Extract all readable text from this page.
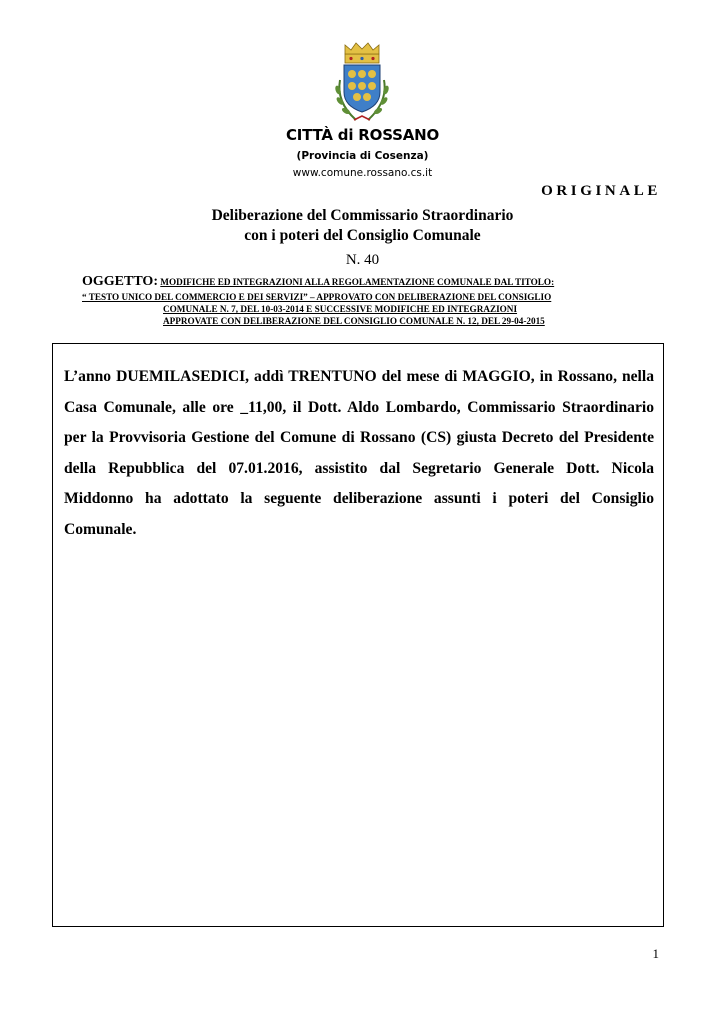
CITTÀ di ROSSANO
(Provincia di Cosenza)
www.comune.rossano.cs.it
ORIGINALE
Deliberazione del Commissario Straordinario
con i poteri del Consiglio Comunale
N. 40
OGGETTO: MODIFICHE ED INTEGRAZIONI ALLA REGOLAMENTAZIONE COMUNALE DAL TITOLO:
“ TESTO UNICO DEL COMMERCIO E DEI SERVIZI” – APPROVATO CON DELIBERAZIONE DEL CONSIGLIO
COMUNALE N. 7, DEL 10-03-2014 E SUCCESSIVE MODIFICHE ED INTEGRAZIONI
APPROVATE CON DELIBERAZIONE DEL CONSIGLIO COMUNALE N. 12, DEL 29-04-2015
L’anno DUEMILASEDICI, addì TRENTUNO del mese di MAGGIO, in Rossano, nella Casa Comunale, alle ore _11,00, il Dott. Aldo Lombardo, Commissario Straordinario per la Provvisoria Gestione del Comune di Rossano (CS) giusta Decreto del Presidente della Repubblica del 07.01.2016, assistito dal Segretario Generale Dott. Nicola Middonno ha adottato la seguente deliberazione assunti i poteri del Consiglio Comunale.
1
